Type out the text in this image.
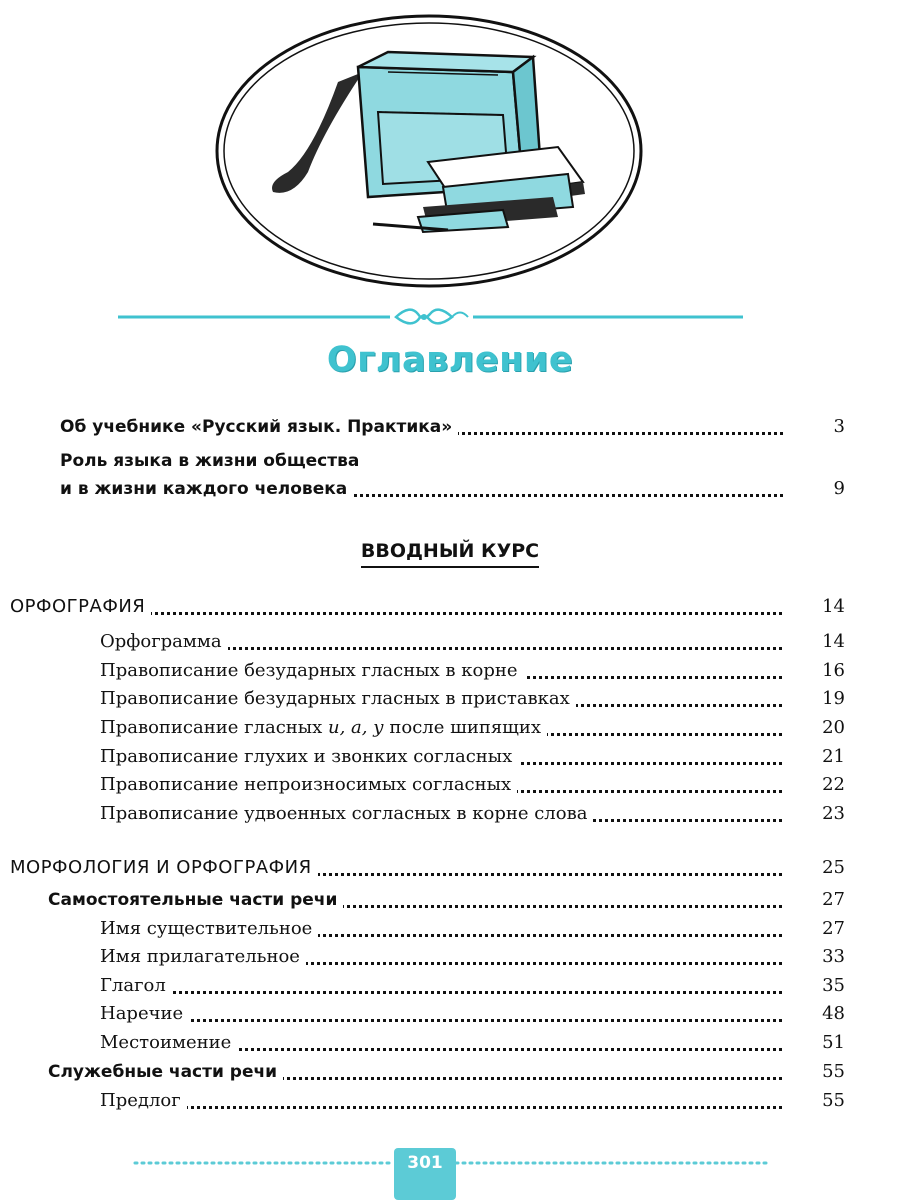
Оглавление
Об учебнике «Русский язык. Практика»	3
Роль языка в жизни общества
и в жизни каждого человека	9
ВВОДНЫЙ КУРС
ОРФОГРАФИЯ	14
Орфограмма	14
Правописание безударных гласных в корне	16
Правописание безударных гласных в приставках	19
Правописание гласных и, а, у после шипящих	20
Правописание глухих и звонких согласных	21
Правописание непроизносимых согласных	22
Правописание удвоенных согласных в корне слова	23
МОРФОЛОГИЯ И ОРФОГРАФИЯ	25
Самостоятельные части речи	27
Имя существительное	27
Имя прилагательное	33
Глагол	35
Наречие	48
Местоимение	51
Служебные части речи	55
Предлог	55
301
